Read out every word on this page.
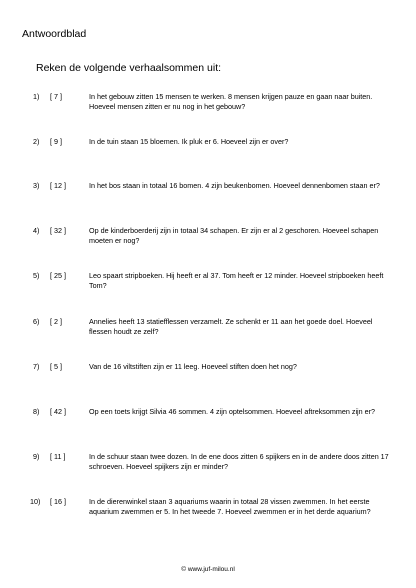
Antwoordblad
Reken de volgende verhaalsommen uit:
1)	[ 7 ]	In het gebouw zitten 15 mensen te werken. 8 mensen krijgen pauze en gaan naar buiten. Hoeveel mensen zitten er nu nog in het gebouw?
2)	[ 9 ]	In de tuin staan 15 bloemen. Ik pluk er 6. Hoeveel zijn er over?
3)	[ 12 ]	In het bos staan in totaal 16 bomen. 4 zijn beukenbomen. Hoeveel dennenbomen staan er?
4)	[ 32 ]	Op de kinderboerderij zijn in totaal 34 schapen. Er zijn er al 2 geschoren. Hoeveel schapen moeten er nog?
5)	[ 25 ]	Leo spaart stripboeken. Hij heeft er al 37. Tom heeft er 12 minder. Hoeveel stripboeken heeft Tom?
6)	[ 2 ]	Annelies heeft 13 statiefflessen verzamelt. Ze schenkt er 11 aan het goede doel. Hoeveel flessen houdt ze zelf?
7)	[ 5 ]	Van de 16 viltstiften zijn er 11 leeg. Hoeveel stiften doen het nog?
8)	[ 42 ]	Op een toets krijgt Silvia 46 sommen. 4 zijn optelsommen. Hoeveel aftreksommen zijn er?
9)	[ 11 ]	In de schuur staan twee dozen. In de ene doos zitten 6 spijkers en in de andere doos zitten 17 schroeven. Hoeveel spijkers zijn er minder?
10)	[ 16 ]	In de dierenwinkel staan 3 aquariums waarin in totaal 28 vissen zwemmen. In het eerste aquarium zwemmen er 5. In het tweede 7. Hoeveel zwemmen er in het derde aquarium?
© www.juf-milou.nl
